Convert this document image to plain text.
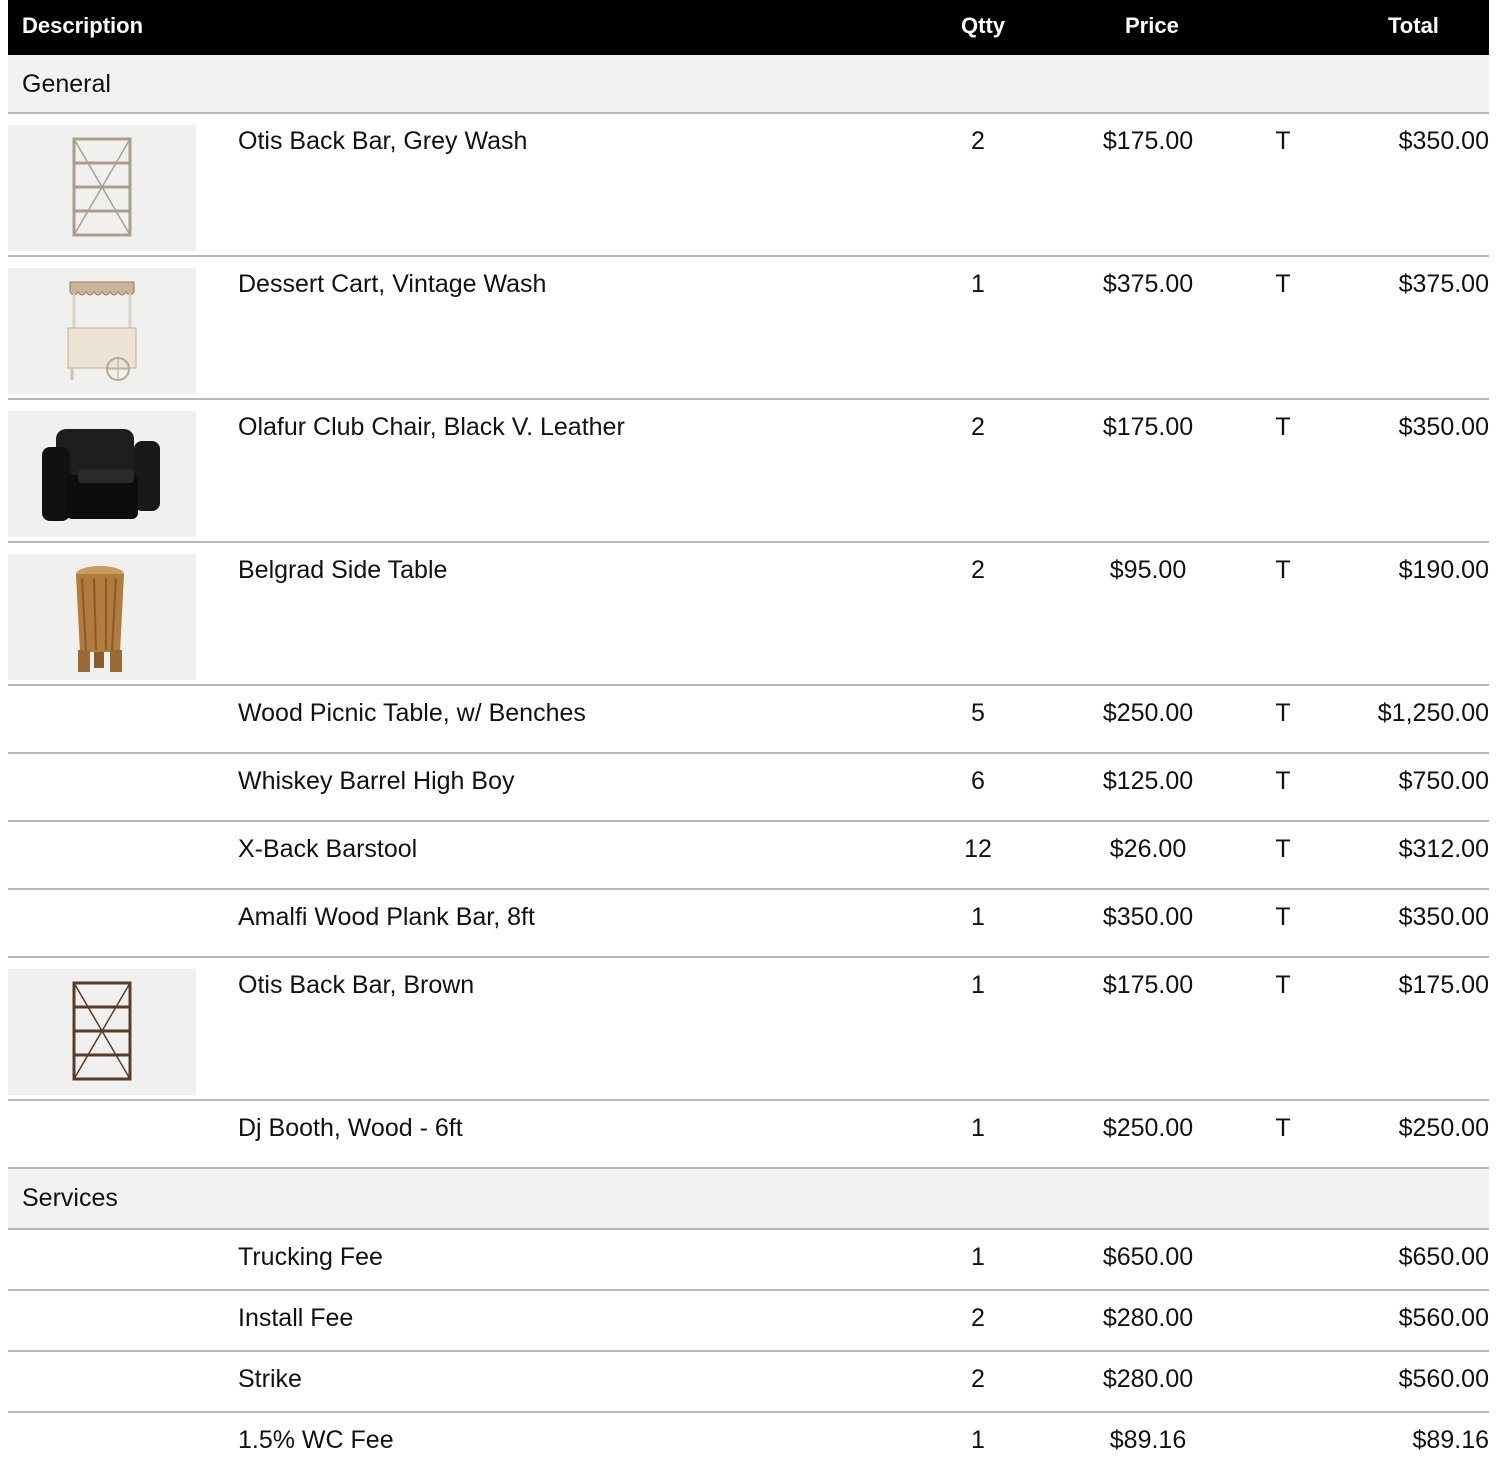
Description	Qtty	Price	Total
General
Otis Back Bar, Grey Wash	2	$175.00	T	$350.00
Dessert Cart, Vintage Wash	1	$375.00	T	$375.00
Olafur Club Chair, Black V. Leather	2	$175.00	T	$350.00
Belgrad Side Table	2	$95.00	T	$190.00
Wood Picnic Table, w/ Benches	5	$250.00	T	$1,250.00
Whiskey Barrel High Boy	6	$125.00	T	$750.00
X-Back Barstool	12	$26.00	T	$312.00
Amalfi Wood Plank Bar, 8ft	1	$350.00	T	$350.00
Otis Back Bar, Brown	1	$175.00	T	$175.00
Dj Booth, Wood - 6ft	1	$250.00	T	$250.00
Services
Trucking Fee	1	$650.00	$650.00
Install Fee	2	$280.00	$560.00
Strike	2	$280.00	$560.00
1.5% WC Fee	1	$89.16	$89.16
